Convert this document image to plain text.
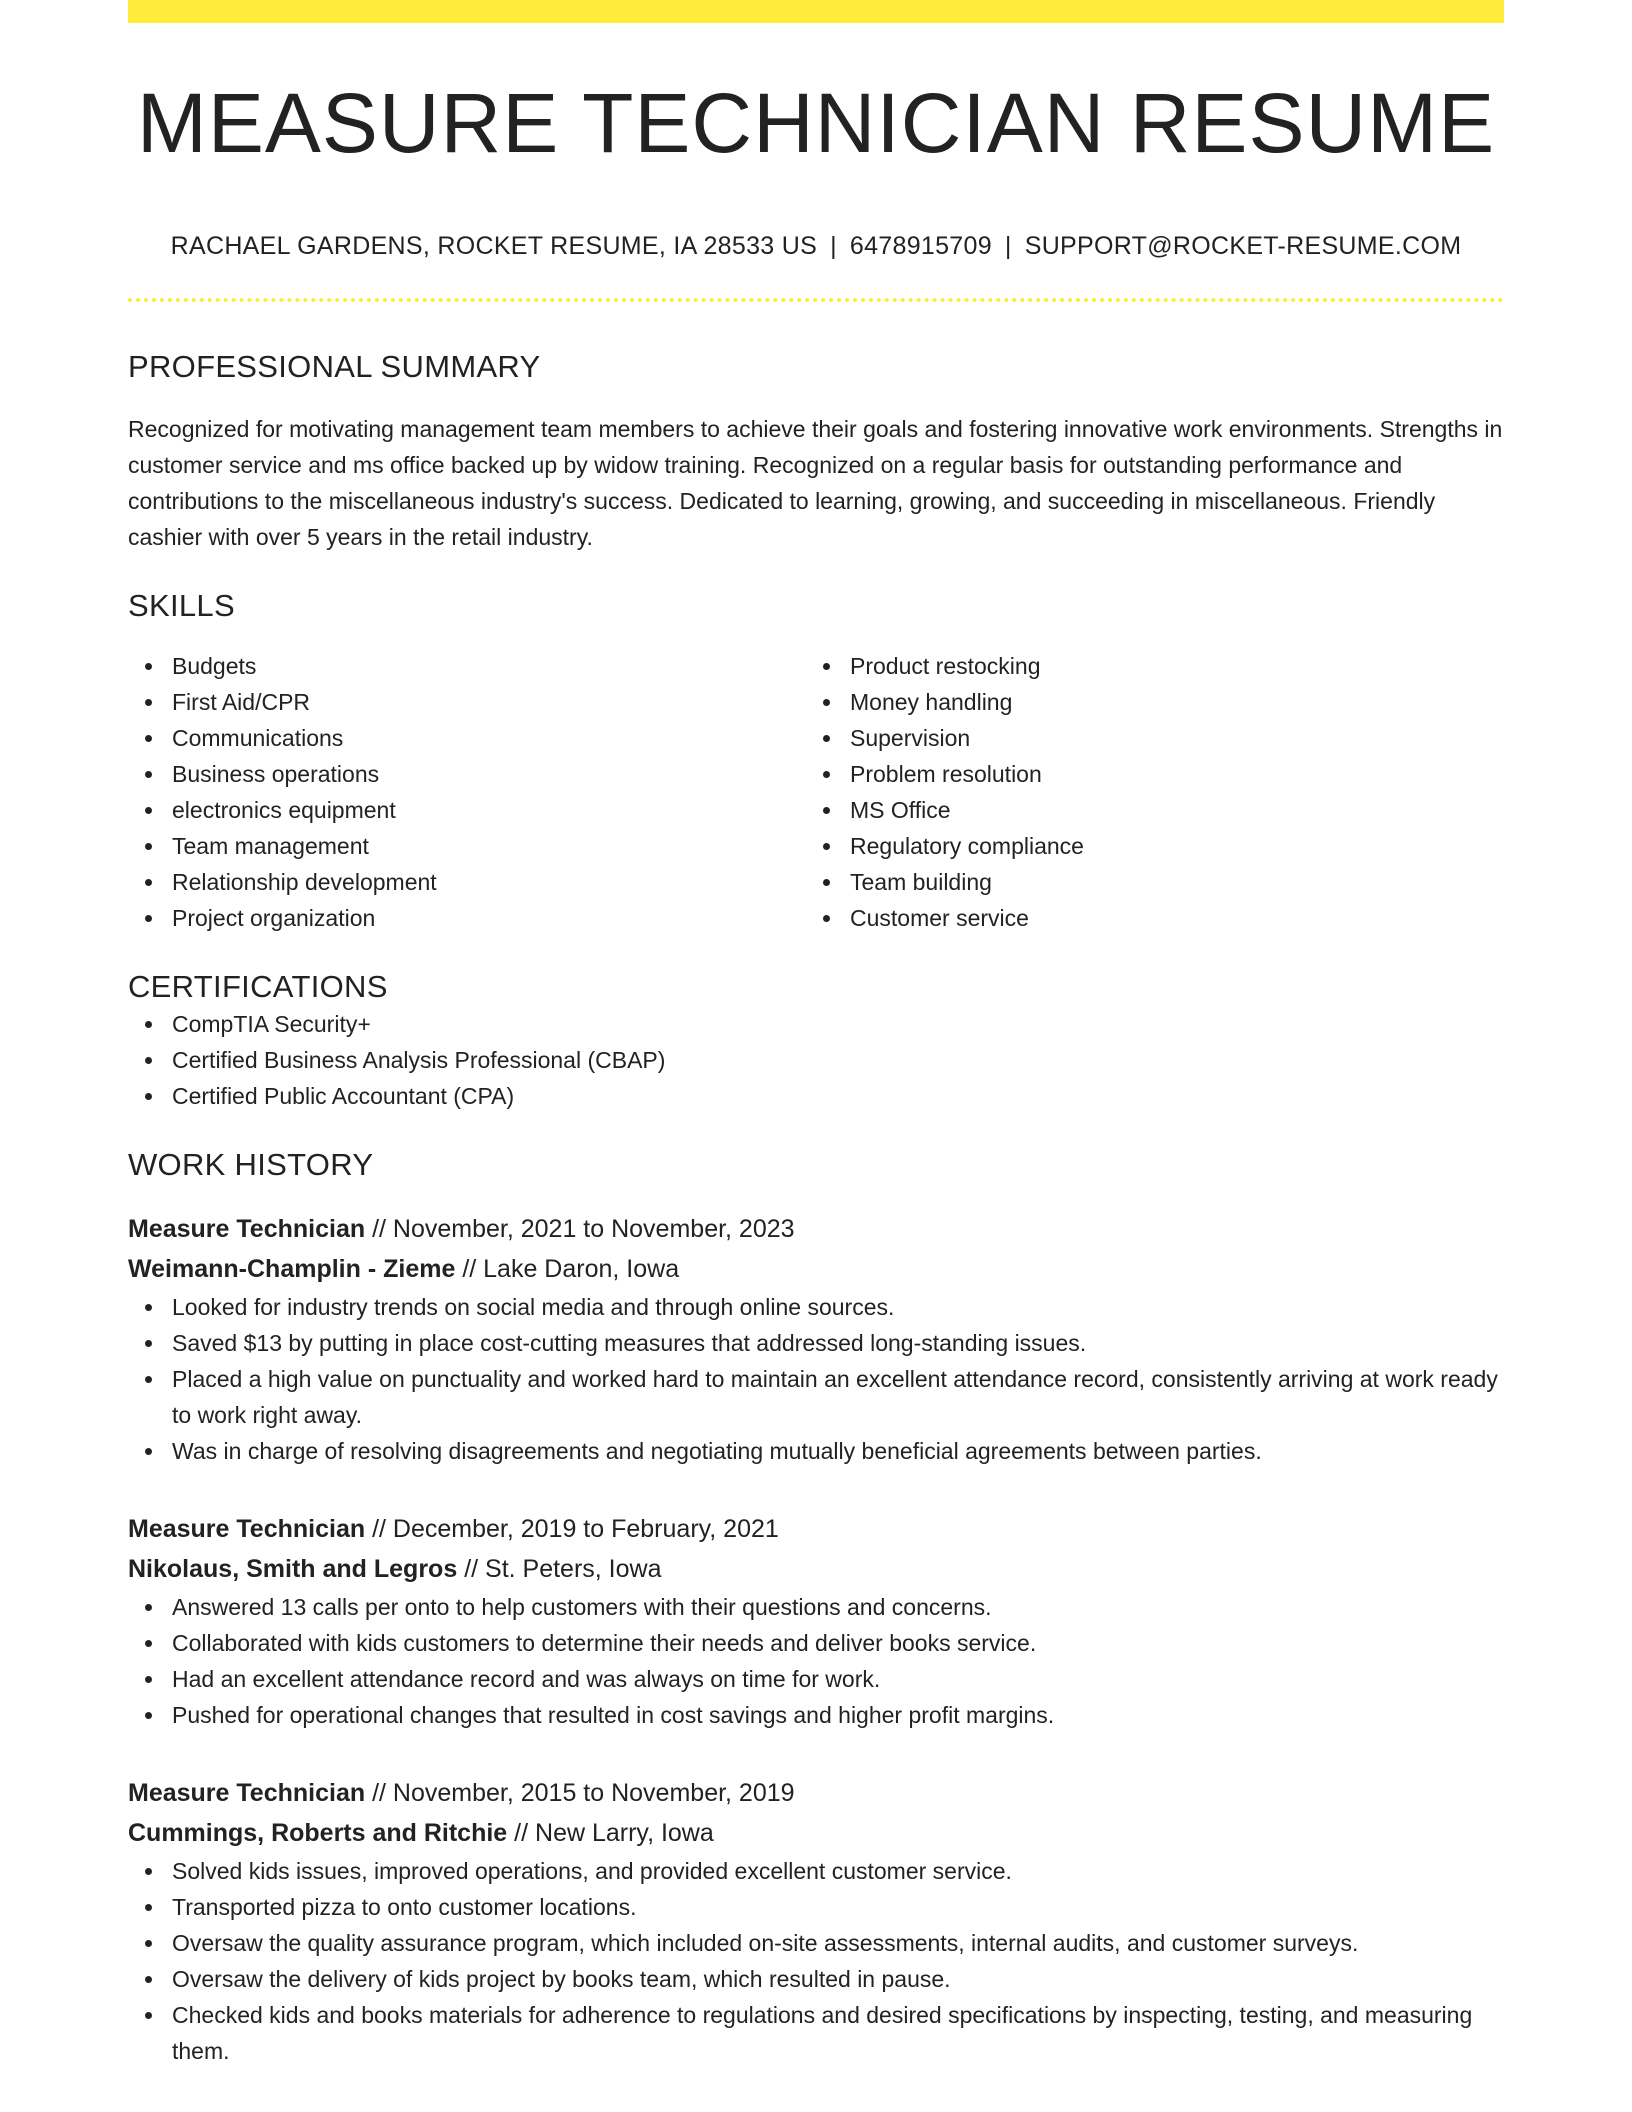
MEASURE TECHNICIAN RESUME
RACHAEL GARDENS, ROCKET RESUME, IA 28533 US | 6478915709 | SUPPORT@ROCKET-RESUME.COM
PROFESSIONAL SUMMARY

Recognized for motivating management team members to achieve their goals and fostering innovative work environments. Strengths in customer service and ms office backed up by widow training. Recognized on a regular basis for outstanding performance and contributions to the miscellaneous industry's success. Dedicated to learning, growing, and succeeding in miscellaneous. Friendly cashier with over 5 years in the retail industry.

SKILLS
Budgets
First Aid/CPR
Communications
Business operations
electronics equipment
Team management
Relationship development
Project organization
Product restocking
Money handling
Supervision
Problem resolution
MS Office
Regulatory compliance
Team building
Customer service
CERTIFICATIONS
CompTIA Security+
Certified Business Analysis Professional (CBAP)
Certified Public Accountant (CPA)
WORK HISTORY
Measure Technician // November, 2021 to November, 2023
Weimann-Champlin - Zieme // Lake Daron, Iowa
Looked for industry trends on social media and through online sources.
Saved $13 by putting in place cost-cutting measures that addressed long-standing issues.
Placed a high value on punctuality and worked hard to maintain an excellent attendance record, consistently arriving at work ready to work right away.
Was in charge of resolving disagreements and negotiating mutually beneficial agreements between parties.
Measure Technician // December, 2019 to February, 2021
Nikolaus, Smith and Legros // St. Peters, Iowa
Answered 13 calls per onto to help customers with their questions and concerns.
Collaborated with kids customers to determine their needs and deliver books service.
Had an excellent attendance record and was always on time for work.
Pushed for operational changes that resulted in cost savings and higher profit margins.
Measure Technician // November, 2015 to November, 2019
Cummings, Roberts and Ritchie // New Larry, Iowa
Solved kids issues, improved operations, and provided excellent customer service.
Transported pizza to onto customer locations.
Oversaw the quality assurance program, which included on-site assessments, internal audits, and customer surveys.
Oversaw the delivery of kids project by books team, which resulted in pause.
Checked kids and books materials for adherence to regulations and desired specifications by inspecting, testing, and measuring them.
